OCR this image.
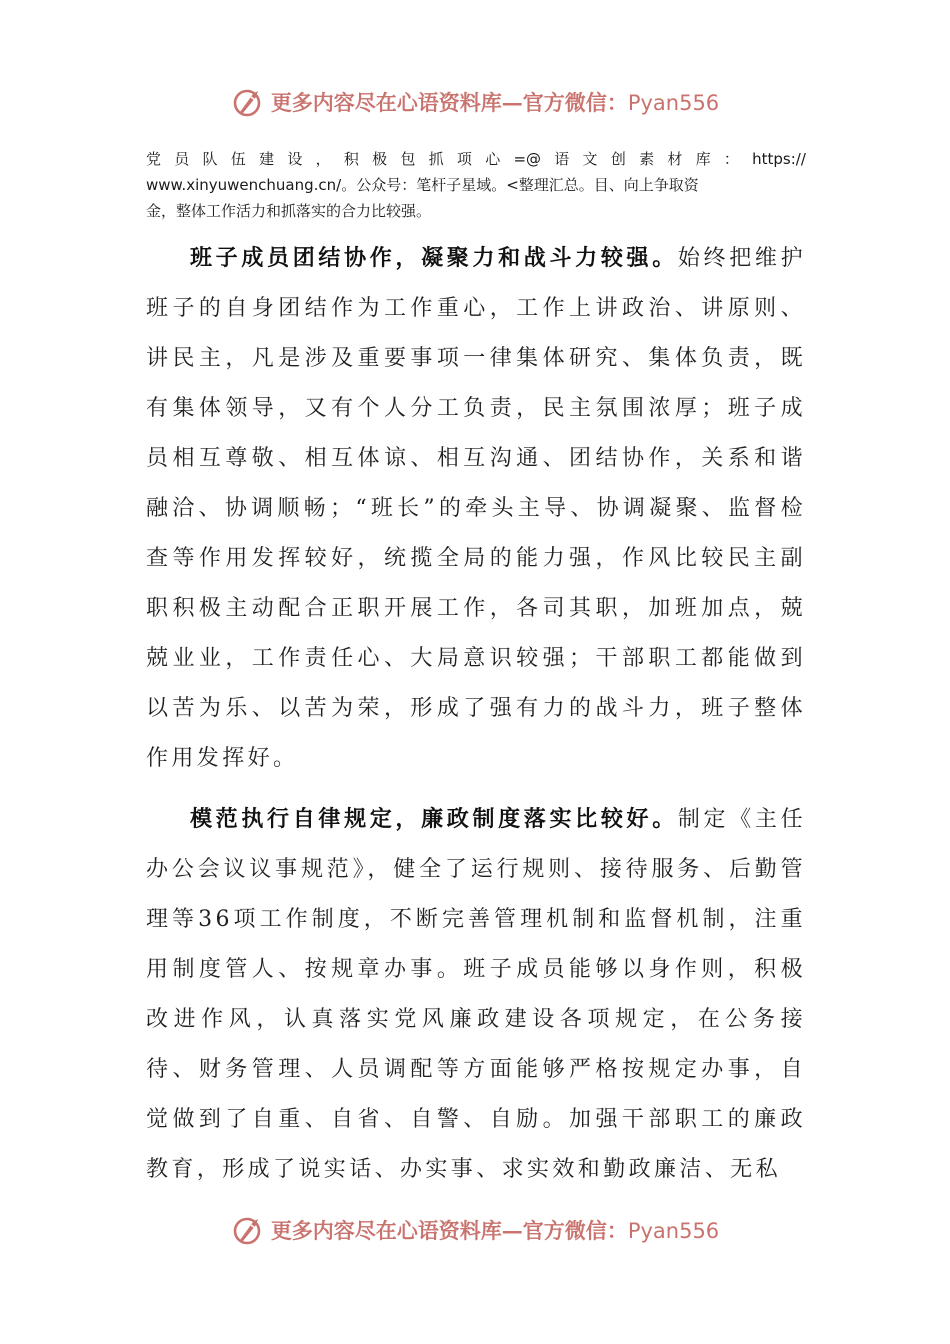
更多内容尽在心语资料库—官方微信：Pyan556
党 员 队 伍 建 设 ， 积 极 包 抓 项 心 =@ 语 文 创 素 材 库 ： https://
www.xinyuwenchuang.cn/。公众号：笔杆子星域。<整理汇总。目、向上争取资
金，整体工作活力和抓落实的合力比较强。

班子成员团结协作，凝聚力和战斗力较强。始终把维护班子的自身团结作为工作重心，工作上讲政治、讲原则、讲民主，凡是涉及重要事项一律集体研究、集体负责，既有集体领导，又有个人分工负责，民主氛围浓厚；班子成员相互尊敬、相互体谅、相互沟通、团结协作，关系和谐融洽、协调顺畅；“班长”的牵头主导、协调凝聚、监督检查等作用发挥较好，统揽全局的能力强，作风比较民主副职积极主动配合正职开展工作，各司其职，加班加点，兢兢业业，工作责任心、大局意识较强；干部职工都能做到以苦为乐、以苦为荣，形成了强有力的战斗力，班子整体作用发挥好。

模范执行自律规定，廉政制度落实比较好。制定《主任办公会议议事规范》，健全了运行规则、接待服务、后勤管理等36项工作制度，不断完善管理机制和监督机制，注重用制度管人、按规章办事。班子成员能够以身作则，积极改进作风，认真落实党风廉政建设各项规定，在公务接待、财务管理、人员调配等方面能够严格按规定办事，自觉做到了自重、自省、自警、自励。加强干部职工的廉政教育，形成了说实话、办实事、求实效和勤政廉洁、无私

更多内容尽在心语资料库—官方微信：Pyan556
